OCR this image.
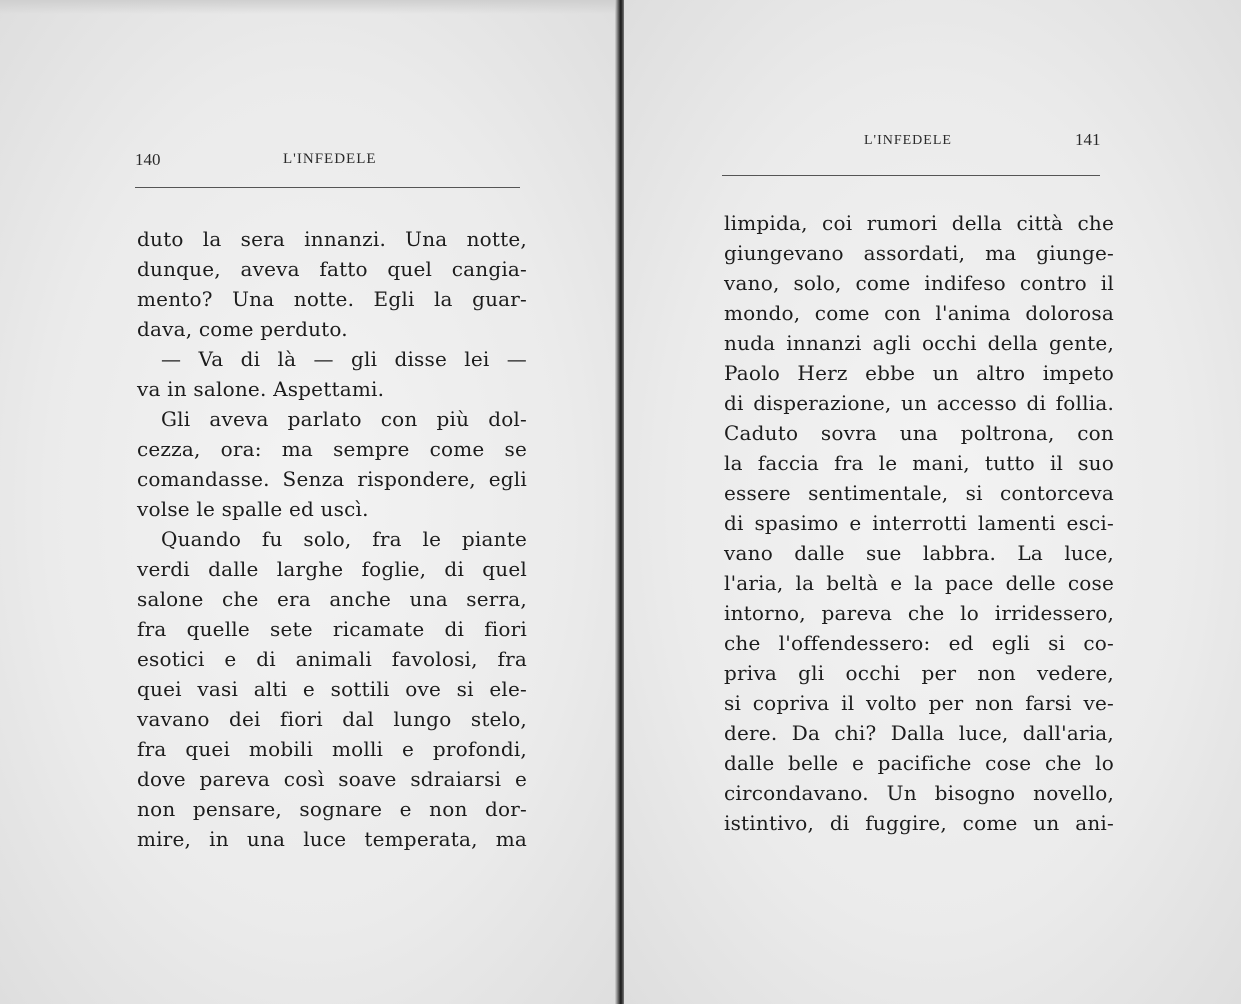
140	L'INFEDELE

duto la sera innanzi. Una notte,
dunque, aveva fatto quel cangia-
mento? Una notte. Egli la guar-
dava, come perduto.
— Va di là — gli disse lei —
va in salone. Aspettami.
Gli aveva parlato con più dol-
cezza, ora: ma sempre come se
comandasse. Senza rispondere, egli
volse le spalle ed uscì.
Quando fu solo, fra le piante
verdi dalle larghe foglie, di quel
salone che era anche una serra,
fra quelle sete ricamate di fiori
esotici e di animali favolosi, fra
quei vasi alti e sottili ove si ele-
vavano dei fiori dal lungo stelo,
fra quei mobili molli e profondi,
dove pareva così soave sdraiarsi e
non pensare, sognare e non dor-
mire, in una luce temperata, ma

L'INFEDELE	141

limpida, coi rumori della città che
giungevano assordati, ma giunge-
vano, solo, come indifeso contro il
mondo, come con l'anima dolorosa
nuda innanzi agli occhi della gente,
Paolo Herz ebbe un altro impeto
di disperazione, un accesso di follia.
Caduto sovra una poltrona, con
la faccia fra le mani, tutto il suo
essere sentimentale, si contorceva
di spasimo e interrotti lamenti esci-
vano dalle sue labbra. La luce,
l'aria, la beltà e la pace delle cose
intorno, pareva che lo irridessero,
che l'offendessero: ed egli si co-
priva gli occhi per non vedere,
si copriva il volto per non farsi ve-
dere. Da chi? Dalla luce, dall'aria,
dalle belle e pacifiche cose che lo
circondavano. Un bisogno novello,
istintivo, di fuggire, come un ani-
